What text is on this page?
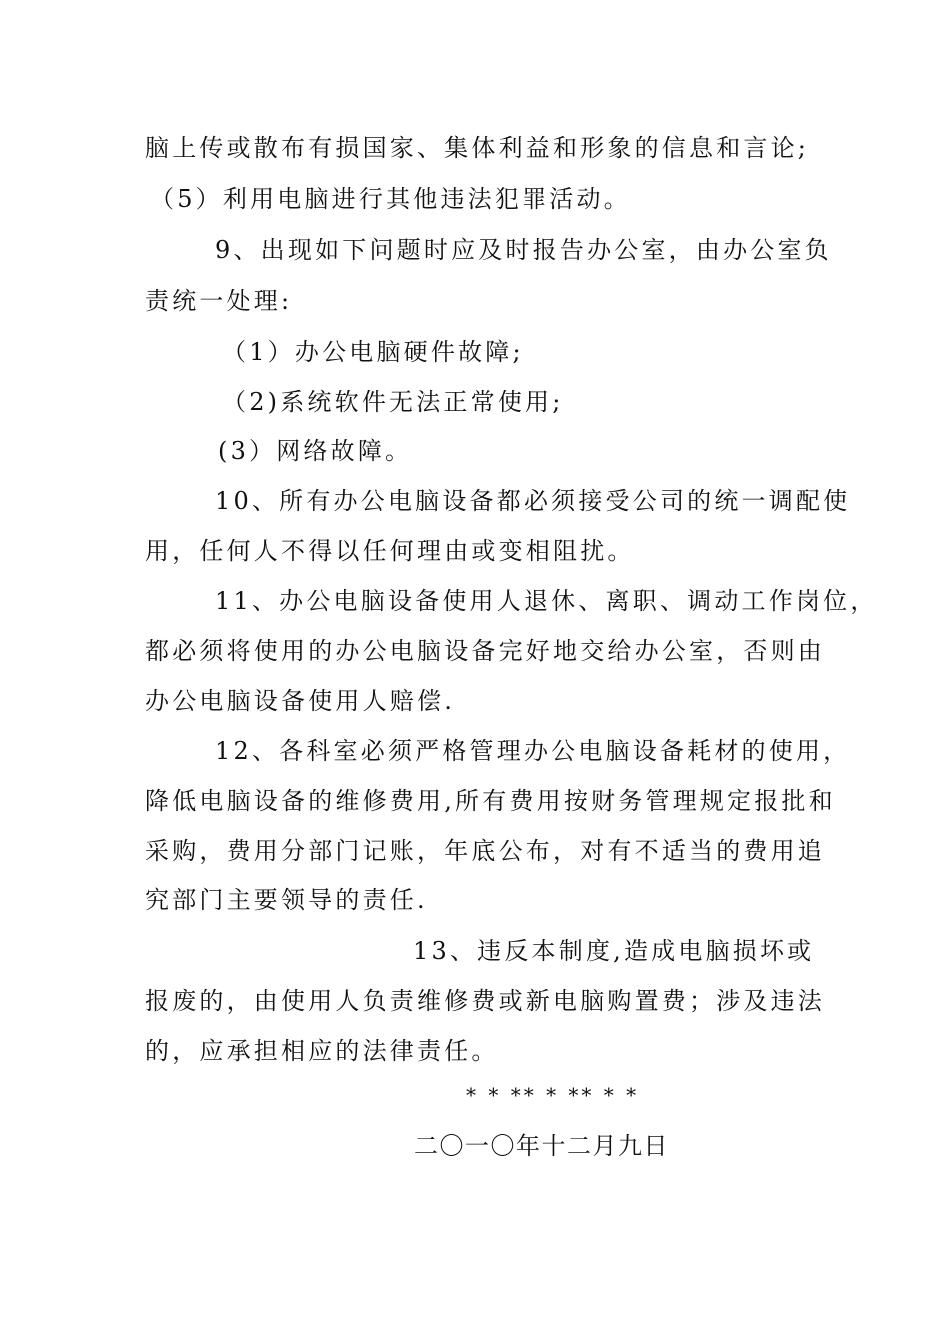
脑上传或散布有损国家、集体利益和形象的信息和言论;
（5）利用电脑进行其他违法犯罪活动。
9、出现如下问题时应及时报告办公室，由办公室负
责统一处理:
（1）办公电脑硬件故障;
（2)系统软件无法正常使用;
(3）网络故障。
10、所有办公电脑设备都必须接受公司的统一调配使
用，任何人不得以任何理由或变相阻扰。
11、办公电脑设备使用人退休、离职、调动工作岗位，
都必须将使用的办公电脑设备完好地交给办公室，否则由
办公电脑设备使用人赔偿.
12、各科室必须严格管理办公电脑设备耗材的使用，
降低电脑设备的维修费用,所有费用按财务管理规定报批和
采购，费用分部门记账，年底公布，对有不适当的费用追
究部门主要领导的责任.
13、违反本制度,造成电脑损坏或
报废的，由使用人负责维修费或新电脑购置费；涉及违法
的，应承担相应的法律责任。
* * ** * ** * *
二〇一〇年十二月九日
